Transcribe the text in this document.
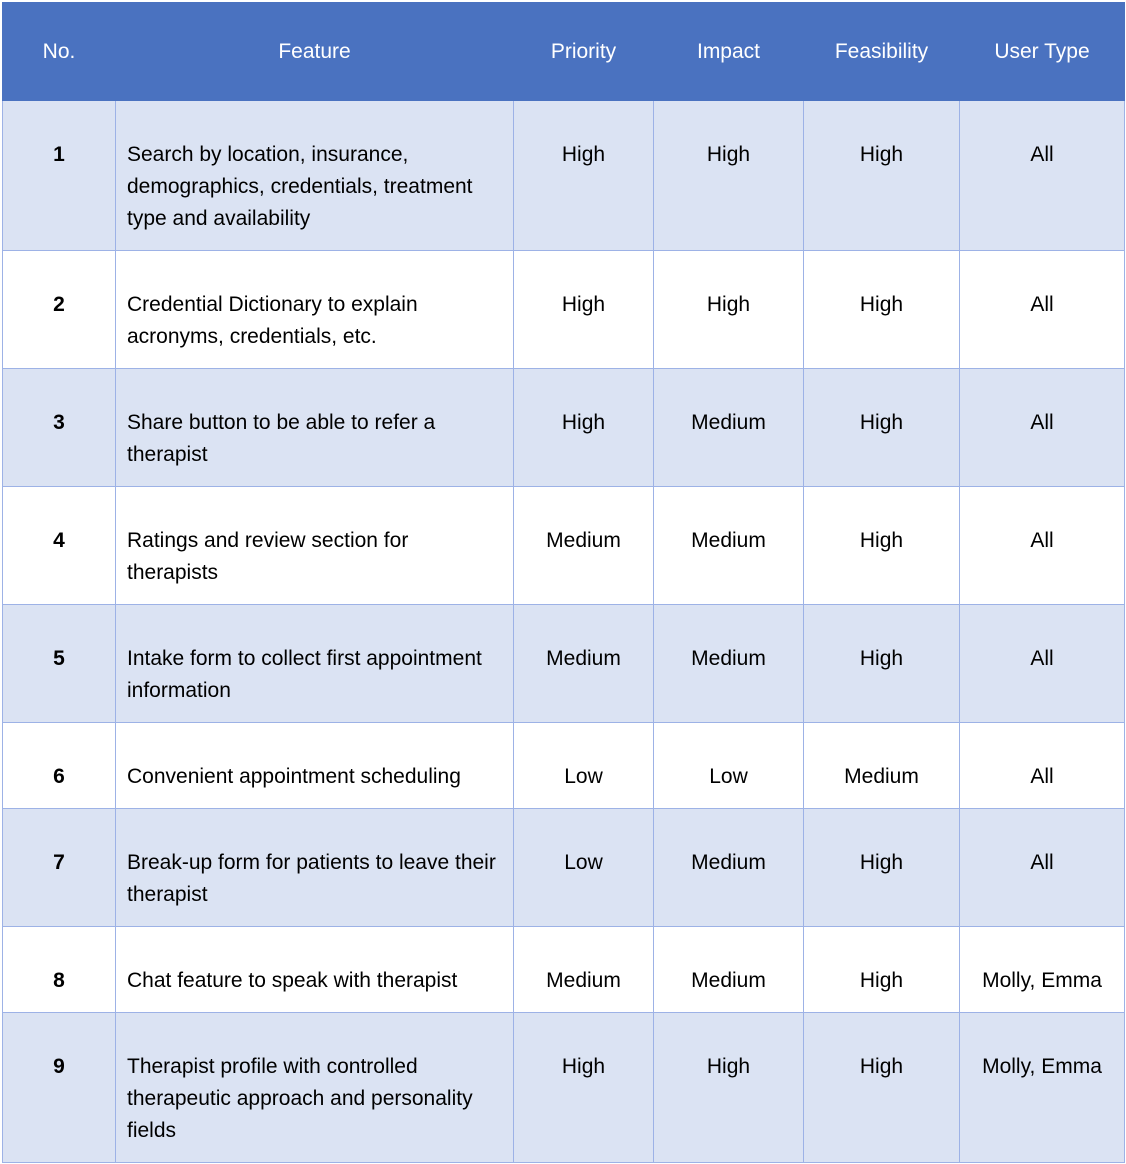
No.	Feature	Priority	Impact	Feasibility	User Type
1	Search by location, insurance, demographics, credentials, treatment type and availability	High	High	High	All
2	Credential Dictionary to explain acronyms, credentials, etc.	High	High	High	All
3	Share button to be able to refer a therapist	High	Medium	High	All
4	Ratings and review section for therapists	Medium	Medium	High	All
5	Intake form to collect first appointment information	Medium	Medium	High	All
6	Convenient appointment scheduling	Low	Low	Medium	All
7	Break-up form for patients to leave their therapist	Low	Medium	High	All
8	Chat feature to speak with therapist	Medium	Medium	High	Molly, Emma
9	Therapist profile with controlled therapeutic approach and personality fields	High	High	High	Molly, Emma
